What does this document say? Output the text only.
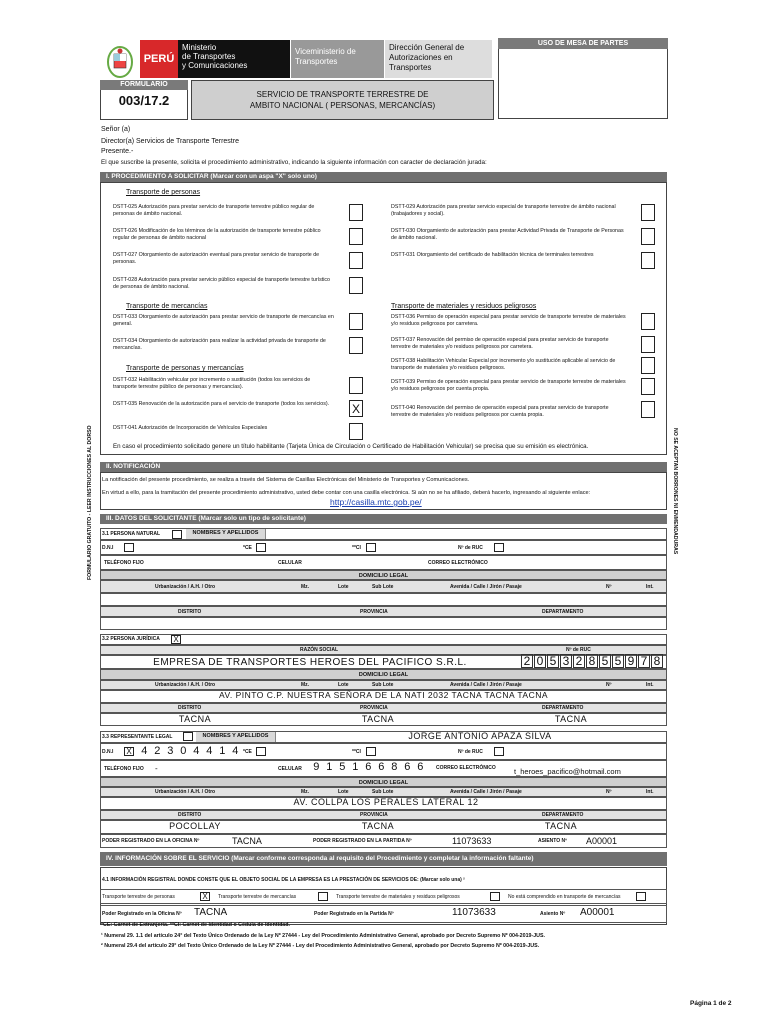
PERÚ
Ministerio
de Transportes
y Comunicaciones
Viceministerio de Transportes
Dirección General de Autorizaciones en Transportes
USO DE MESA DE PARTES
FORMULARIO
003/17.2	SERVICIO DE TRANSPORTE TERRESTRE DE AMBITO NACIONAL ( PERSONAS, MERCANCÍAS)
Señor (a)
Director(a) Servicios de Transporte Terrestre
Presente.-
El que suscribe la presente, solicita el procedimiento administrativo, indicando la siguiente información con caracter de declaración jurada:
I. PROCEDIMIENTO A SOLICITAR (Marcar con un aspa "X" solo uno)
Transporte de personas
DSTT-025 Autorización para prestar servicio de transporte terrestre público regular de personas de ámbito nacional.
DSTT-026 Modificación de los términos de la autorización de transporte terrestre público regular de personas de ámbito nacional
DSTT-027 Otorgamiento de autorización eventual para prestar servicio de transporte de personas.
DSTT-028 Autorización para prestar servicio público especial de transporte terrestre turístico de personas de ámbito nacional.
Transporte de mercancías
DSTT-033 Otorgamiento de autorización para prestar servicio de transporte de mercancías en general.
DSTT-034 Otorgamiento de autorización para realizar la actividad privada de transporte de mercancías.
Transporte de personas y mercancías
DSTT-032 Habilitación vehicular por incremento o sustitución (todos los servicios de transporte terrestre público de personas y mercancías).
DSTT-035 Renovación de la autorización para el servicio de transporte (todos los servicios).	X
DSTT-041 Autorización de Incorporación de Vehículos Especiales
DSTT-029 Autorización para prestar servicio especial de transporte terrestre de ámbito nacional (trabajadores y social).
DSTT-030 Otorgamiento de autorización para prestar Actividad Privada de Transporte de Personas de ámbito nacional.
DSTT-031 Otorgamiento del certificado de habilitación técnica de terminales terrestres
Transporte de materiales y residuos peligrosos
DSTT-036 Permiso de operación especial para prestar servicio de transporte terrestre de materiales y/o residuos peligrosos por carretera.
DSTT-037 Renovación del permiso de operación especial para prestar servicio de transporte terrestre de materiales y/o residuos peligrosos por carretera.
DSTT-038 Habilitación Vehicular Especial por incremento y/o sustitución aplicable al servicio de transporte de materiales y/o residuos peligrosos.
DSTT-039 Permiso de operación especial para prestar servicio de transporte terrestre de materiales y/o residuos peligrosos por cuenta propia.
DSTT-040 Renovación del permiso de operación especial para prestar servicio de transporte terrestre de materiales y/o residuos peligrosos por cuenta propia.
En caso el procedimiento solicitado genere un título habilitante (Tarjeta Única de Circulación o Certificado de Habilitación Vehicular) se precisa que su emisión es electrónica.
II. NOTIFICACIÓN
La notificación del presente procedimiento, se realiza a través del Sistema de Casillas Electrónicas del Ministerio de Transportes y Comunicaciones.
En virtud a ello, para la tramitación del presente procedimiento administrativo, usted debe contar con una casilla electrónica. Si aún no se ha afiliado, deberá hacerlo, ingresando al siguiente enlace:
http://casilla.mtc.gob.pe/
III. DATOS DEL SOLICITANTE (Marcar solo un tipo de solicitante)
3.1 PERSONA NATURAL	NOMBRES Y APELLIDOS
D.N.I	*CE	**CI	Nº de RUC
TELÉFONO FIJO	CELULAR	CORREO ELECTRÓNICO
DOMICILIO LEGAL
Urbanización / A.H. / Otro	Mz.	Lote	Sub Lote	Avenida / Calle / Jirón / Pasaje	Nº	Int.
DISTRITO	PROVINCIA	DEPARTAMENTO
3.2 PERSONA JURÍDICA X
RAZÓN SOCIAL	Nº de RUC
EMPRESA DE TRANSPORTES HEROES DEL PACIFICO S.R.L.	2 0 5 3 2 8 5 5 9 7 8
DOMICILIO LEGAL
Urbanización / A.H. / Otro	Mz.	Lote	Sub Lote	Avenida / Calle / Jirón / Pasaje	Nº	Int.
AV. PINTO C.P. NUESTRA SEÑORA DE LA NATI 2032 TACNA TACNA TACNA
DISTRITO	PROVINCIA	DEPARTAMENTO
TACNA	TACNA	TACNA
3.3 REPRESENTANTE LEGAL	NOMBRES Y APELLIDOS	JORGE ANTONIO APAZA SILVA
D.N.I X 4 2 3 0 4 4 1 4 *CE	**CI	Nº de RUC
TELÉFONO FIJO -	CELULAR 9 1 5 1 6 6 8 6 6	CORREO ELECTRÓNICO t_heroes_pacifico@hotmail.com
DOMICILIO LEGAL
Urbanización / A.H. / Otro	Mz.	Lote	Sub Lote	Avenida / Calle / Jirón / Pasaje	Nº	Int.
AV. COLLPA LOS PERALES LATERAL 12
DISTRITO	PROVINCIA	DEPARTAMENTO
POCOLLAY	TACNA	TACNA
PODER REGISTRADO EN LA OFICINA Nº	TACNA	PODER REGISTRADO EN LA PARTIDA Nº	11073633	ASIENTO Nº A00001
IV. INFORMACIÓN SOBRE EL SERVICIO (Marcar conforme corresponda al requisito del Procedimiento y completar la información faltante)
4.1 INFORMACIÓN REGISTRAL DONDE CONSTE QUE EL OBJETO SOCIAL DE LA EMPRESA ES LA PRESTACIÓN DE SERVICIOS DE: (Marcar solo una) ²
Transporte terrestre de personas	X	Transporte terrestre de mercancías	Transporte terrestre de materiales y residuos peligrosos	No está comprendido en transporte de mercancías
Poder Registrado en la Oficina Nº TACNA	Poder Registrado en la Partida Nº	11073633	Asiento Nº A00001
*CE: Carnet de Extranjería. **CI: Carnet de Identidad o Cédula de Identidad.
¹ Numeral 29. 1.1 del artículo 24° del Texto Único Ordenado de la Ley Nº 27444 - Ley del Procedimiento Administrativo General, aprobado por Decreto Supremo Nº 004-2019-JUS.
² Numeral 29.4 del artículo 29° del Texto Único Ordenado de la Ley Nº 27444 - Ley del Procedimiento Administrativo General, aprobado por Decreto Supremo Nº 004-2019-JUS.
FORMULARIO GRATUITO - LEER INSTRUCCIONES AL DORSO	NO SE ACEPTAN BORRONES NI ENMENDADURAS
Página 1 de 2
